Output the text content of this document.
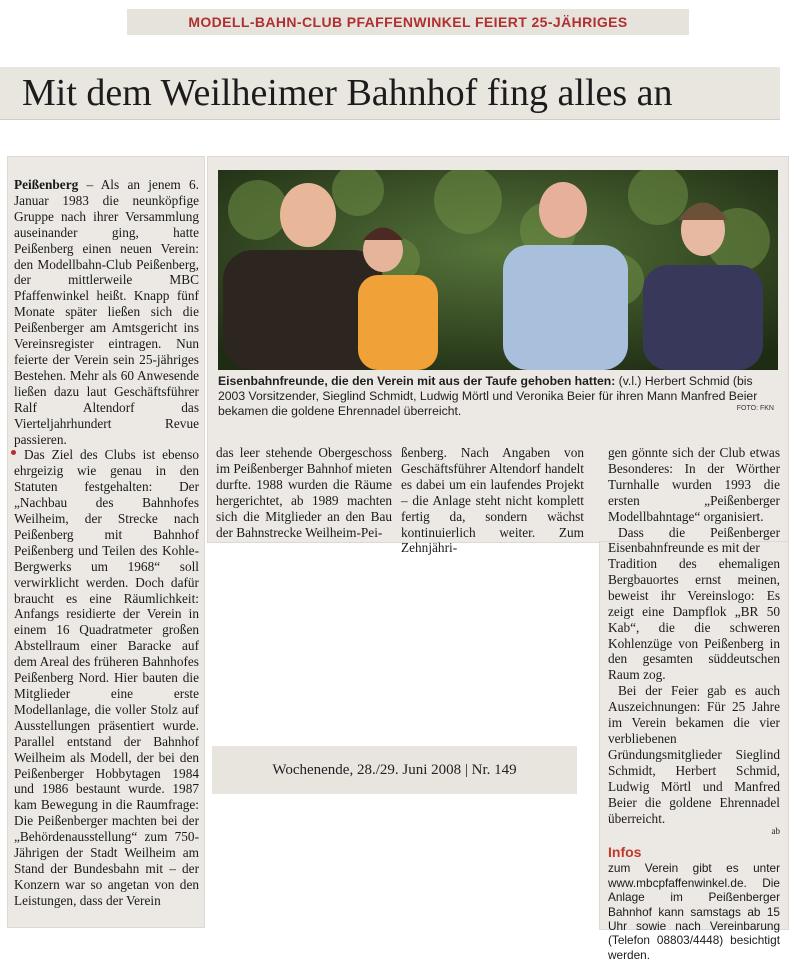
MODELL-BAHN-CLUB PFAFFENWINKEL FEIERT 25-JÄHRIGES
Mit dem Weilheimer Bahnhof fing alles an

Peißenberg – Als an jenem 6. Januar 1983 die neunköpfige Gruppe nach ihrer Versammlung auseinander ging, hatte Peißenberg einen neuen Verein: den Modellbahn-Club Peißenberg, der mittlerweile MBC Pfaffenwinkel heißt. Knapp fünf Monate später ließen sich die Peißenberger am Amtsgericht ins Vereinsregister eintragen. Nun feierte der Verein sein 25-jähriges Bestehen. Mehr als 60 Anwesende ließen dazu laut Geschäftsführer Ralf Altendorf das Vierteljahrhundert Revue passieren.

Das Ziel des Clubs ist ebenso ehrgeizig wie genau in den Statuten festgehalten: Der „Nachbau des Bahnhofes Weilheim, der Strecke nach Peißenberg mit Bahnhof Peißenberg und Teilen des Kohle-Bergwerks um 1968“ soll verwirklicht werden. Doch dafür braucht es eine Räumlichkeit: Anfangs residierte der Verein in einem 16 Quadratmeter großen Abstellraum einer Baracke auf dem Areal des früheren Bahnhofes Peißenberg Nord. Hier bauten die Mitglieder eine erste Modellanlage, die voller Stolz auf Ausstellungen präsentiert wurde. Parallel entstand der Bahnhof Weilheim als Modell, der bei den Peißenberger Hobbytagen 1984 und 1986 bestaunt wurde. 1987 kam Bewegung in die Raumfrage: Die Peißenberger machten bei der „Behördenausstellung“ zum 750-Jährigen der Stadt Weilheim am Stand der Bundesbahn mit – der Konzern war so angetan von den Leistungen, dass der Verein

Eisenbahnfreunde, die den Verein mit aus der Taufe gehoben hatten: (v.l.) Herbert Schmid (bis 2003 Vorsitzender, Sieglind Schmidt, Ludwig Mörtl und Veronika Beier für ihren Mann Manfred Beier bekamen die goldene Ehrennadel überreicht.	FOTO: FKN

das leer stehende Obergeschoss im Peißenberger Bahnhof mieten durfte. 1988 wurden die Räume hergerichtet, ab 1989 machten sich die Mitglieder an den Bau der Bahnstrecke Weilheim-Pei-

ßenberg. Nach Angaben von Geschäftsführer Altendorf handelt es dabei um ein laufendes Projekt – die Anlage steht nicht komplett fertig da, sondern wächst kontinuierlich weiter. Zum Zehnjähri-

gen gönnte sich der Club etwas Besonderes: In der Wörther Turnhalle wurden 1993 die ersten „Peißenberger Modellbahntage“ organisiert.

Dass die Peißenberger Eisenbahnfreunde es mit der

Tradition des ehemaligen Bergbauortes ernst meinen, beweist ihr Vereinslogo: Es zeigt eine Dampflok „BR 50 Kab“, die die schweren Kohlenzüge von Peißenberg in den gesamten süddeutschen Raum zog.

Bei der Feier gab es auch Auszeichnungen: Für 25 Jahre im Verein bekamen die vier verbliebenen Gründungsmitglieder Sieglind Schmidt, Herbert Schmid, Ludwig Mörtl und Manfred Beier die goldene Ehrennadel überreicht.

ab
Infos
zum Verein gibt es unter www.mbcpfaffenwinkel.de. Die Anlage im Peißenberger Bahnhof kann samstags ab 15 Uhr sowie nach Vereinbarung (Telefon 08803/4448) besichtigt werden.
Wochenende, 28./29. Juni 2008 | Nr. 149
